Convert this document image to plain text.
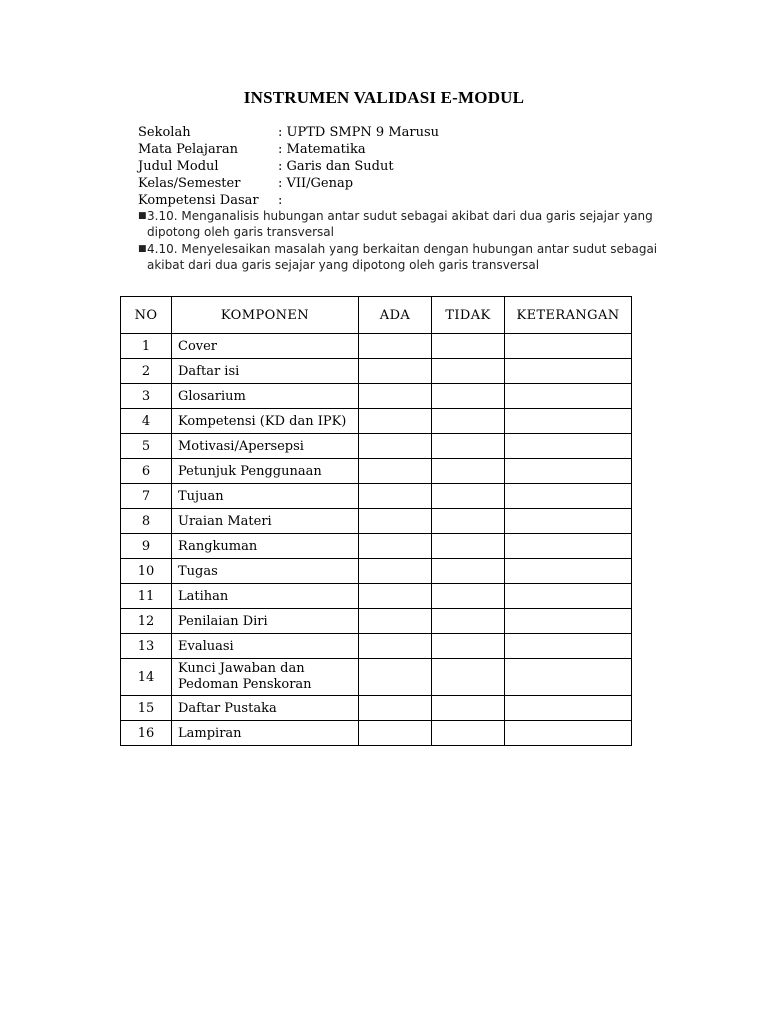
INSTRUMEN VALIDASI E-MODUL
Sekolah	: UPTD SMPN 9 Marusu
Mata Pelajaran	: Matematika
Judul Modul	: Garis dan Sudut
Kelas/Semester	: VII/Genap
Kompetensi Dasar	:
■ 3.10. Menganalisis hubungan antar sudut sebagai akibat dari dua garis sejajar yang dipotong oleh garis transversal
■ 4.10. Menyelesaikan masalah yang berkaitan dengan hubungan antar sudut sebagai akibat dari dua garis sejajar yang dipotong oleh garis transversal
NO	KOMPONEN	ADA	TIDAK	KETERANGAN
1	Cover			
2	Daftar isi			
3	Glosarium			
4	Kompetensi (KD dan IPK)			
5	Motivasi/Apersepsi			
6	Petunjuk Penggunaan			
7	Tujuan			
8	Uraian Materi			
9	Rangkuman			
10	Tugas			
11	Latihan			
12	Penilaian Diri			
13	Evaluasi			
14	Kunci Jawaban dan Pedoman Penskoran			
15	Daftar Pustaka			
16	Lampiran			
